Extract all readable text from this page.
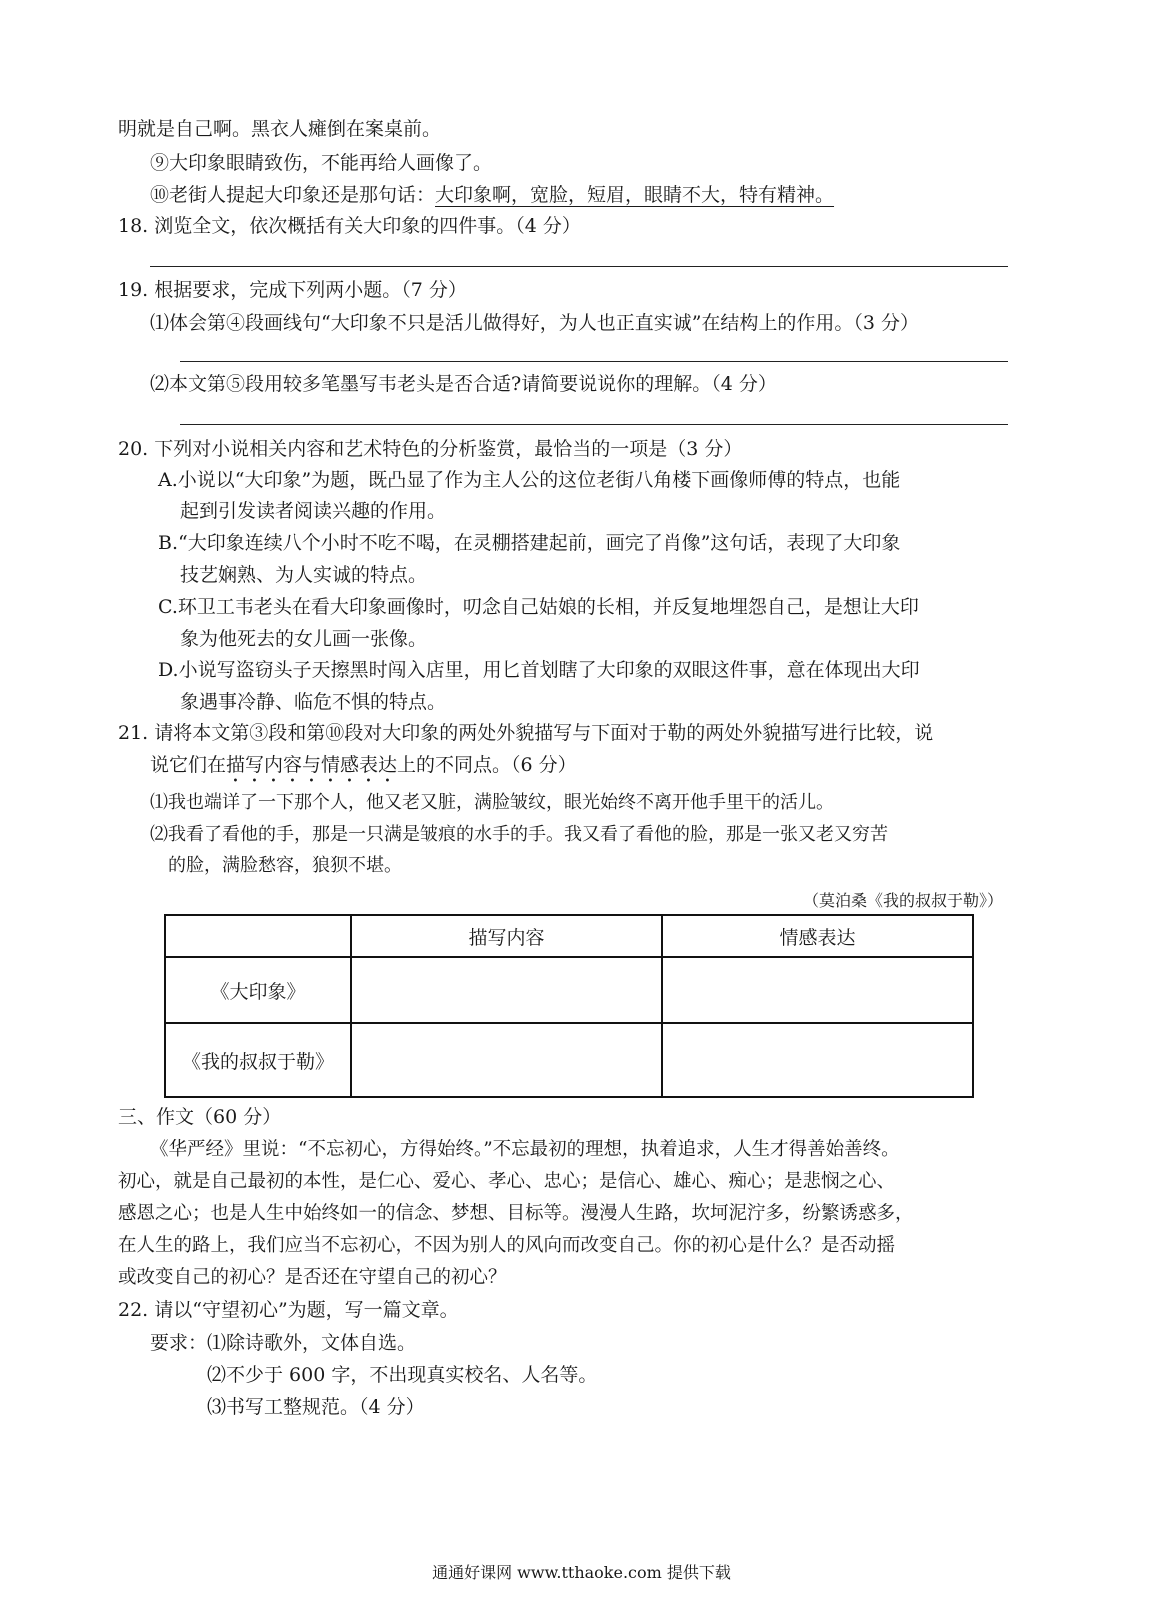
明就是自己啊。黑衣人瘫倒在案桌前。
⑨大印象眼睛致伤，不能再给人画像了。
⑩老街人提起大印象还是那句话：大印象啊，宽脸，短眉，眼睛不大，特有精神。
18. 浏览全文，依次概括有关大印象的四件事。（4 分）
19. 根据要求，完成下列两小题。（7 分）
⑴体会第④段画线句“大印象不只是活儿做得好，为人也正直实诚”在结构上的作用。（3 分）
⑵本文第⑤段用较多笔墨写韦老头是否合适?请简要说说你的理解。（4 分）
20. 下列对小说相关内容和艺术特色的分析鉴赏，最恰当的一项是（3 分）
A.小说以“大印象”为题，既凸显了作为主人公的这位老街八角楼下画像师傅的特点，也能
起到引发读者阅读兴趣的作用。
B.“大印象连续八个小时不吃不喝，在灵棚搭建起前，画完了肖像”这句话，表现了大印象
技艺娴熟、为人实诚的特点。
C.环卫工韦老头在看大印象画像时，叨念自己姑娘的长相，并反复地埋怨自己，是想让大印
象为他死去的女儿画一张像。
D.小说写盗窃头子天擦黑时闯入店里，用匕首划瞎了大印象的双眼这件事，意在体现出大印
象遇事冷静、临危不惧的特点。
21. 请将本文第③段和第⑩段对大印象的两处外貌描写与下面对于勒的两处外貌描写进行比较，说
说它们在描写内容与情感表达上的不同点。（6 分）
⑴我也端详了一下那个人，他又老又脏，满脸皱纹，眼光始终不离开他手里干的活儿。
⑵我看了看他的手，那是一只满是皱痕的水手的手。我又看了看他的脸，那是一张又老又穷苦
的脸，满脸愁容，狼狈不堪。
（莫泊桑《我的叔叔于勒》）
	描写内容	情感表达
《大印象》		
《我的叔叔于勒》		
三、作文（60 分）
《华严经》里说：“不忘初心，方得始终。”不忘最初的理想，执着追求，人生才得善始善终。
初心，就是自己最初的本性，是仁心、爱心、孝心、忠心；是信心、雄心、痴心；是悲悯之心、
感恩之心；也是人生中始终如一的信念、梦想、目标等。漫漫人生路，坎坷泥泞多，纷繁诱惑多，
在人生的路上，我们应当不忘初心，不因为别人的风向而改变自己。你的初心是什么？是否动摇
或改变自己的初心？是否还在守望自己的初心？
22. 请以“守望初心”为题，写一篇文章。
要求：⑴除诗歌外，文体自选。
⑵不少于 600 字，不出现真实校名、人名等。
⑶书写工整规范。（4 分）
通通好课网 www.tthaoke.com 提供下载
